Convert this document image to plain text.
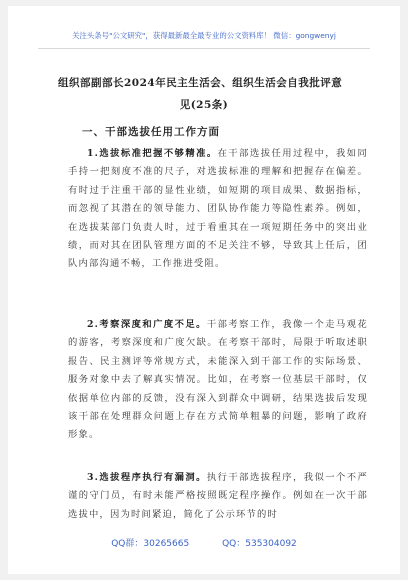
关注头条号"公文研究"，获得最新最全最专业的公文资料库！ 微信：gongwenyj
组织部副部长2024年民主生活会、组织生活会自我批评意
见(25条)
一、干部选拔任用工作方面

1.选拔标准把握不够精准。在干部选拔任用过程中，我如同手持一把刻度不准的尺子，对选拔标准的理解和把握存在偏差。有时过于注重干部的显性业绩，如短期的项目成果、数据指标，而忽视了其潜在的领导能力、团队协作能力等隐性素养。例如，在选拔某部门负责人时，过于看重其在一项短期任务中的突出业绩，而对其在团队管理方面的不足关注不够，导致其上任后，团队内部沟通不畅，工作推进受阻。

2.考察深度和广度不足。干部考察工作，我像一个走马观花的游客，考察深度和广度欠缺。在考察干部时，局限于听取述职报告、民主测评等常规方式，未能深入到干部工作的实际场景、服务对象中去了解真实情况。比如，在考察一位基层干部时，仅依据单位内部的反馈，没有深入到群众中调研，结果选拔后发现该干部在处理群众问题上存在方式简单粗暴的问题，影响了政府形象。

3.选拔程序执行有漏洞。执行干部选拔程序，我似一个不严谨的守门员，有时未能严格按照既定程序操作。例如在一次干部选拔中，因为时间紧迫，简化了公示环节的时

QQ群：30265665	QQ：535304092
